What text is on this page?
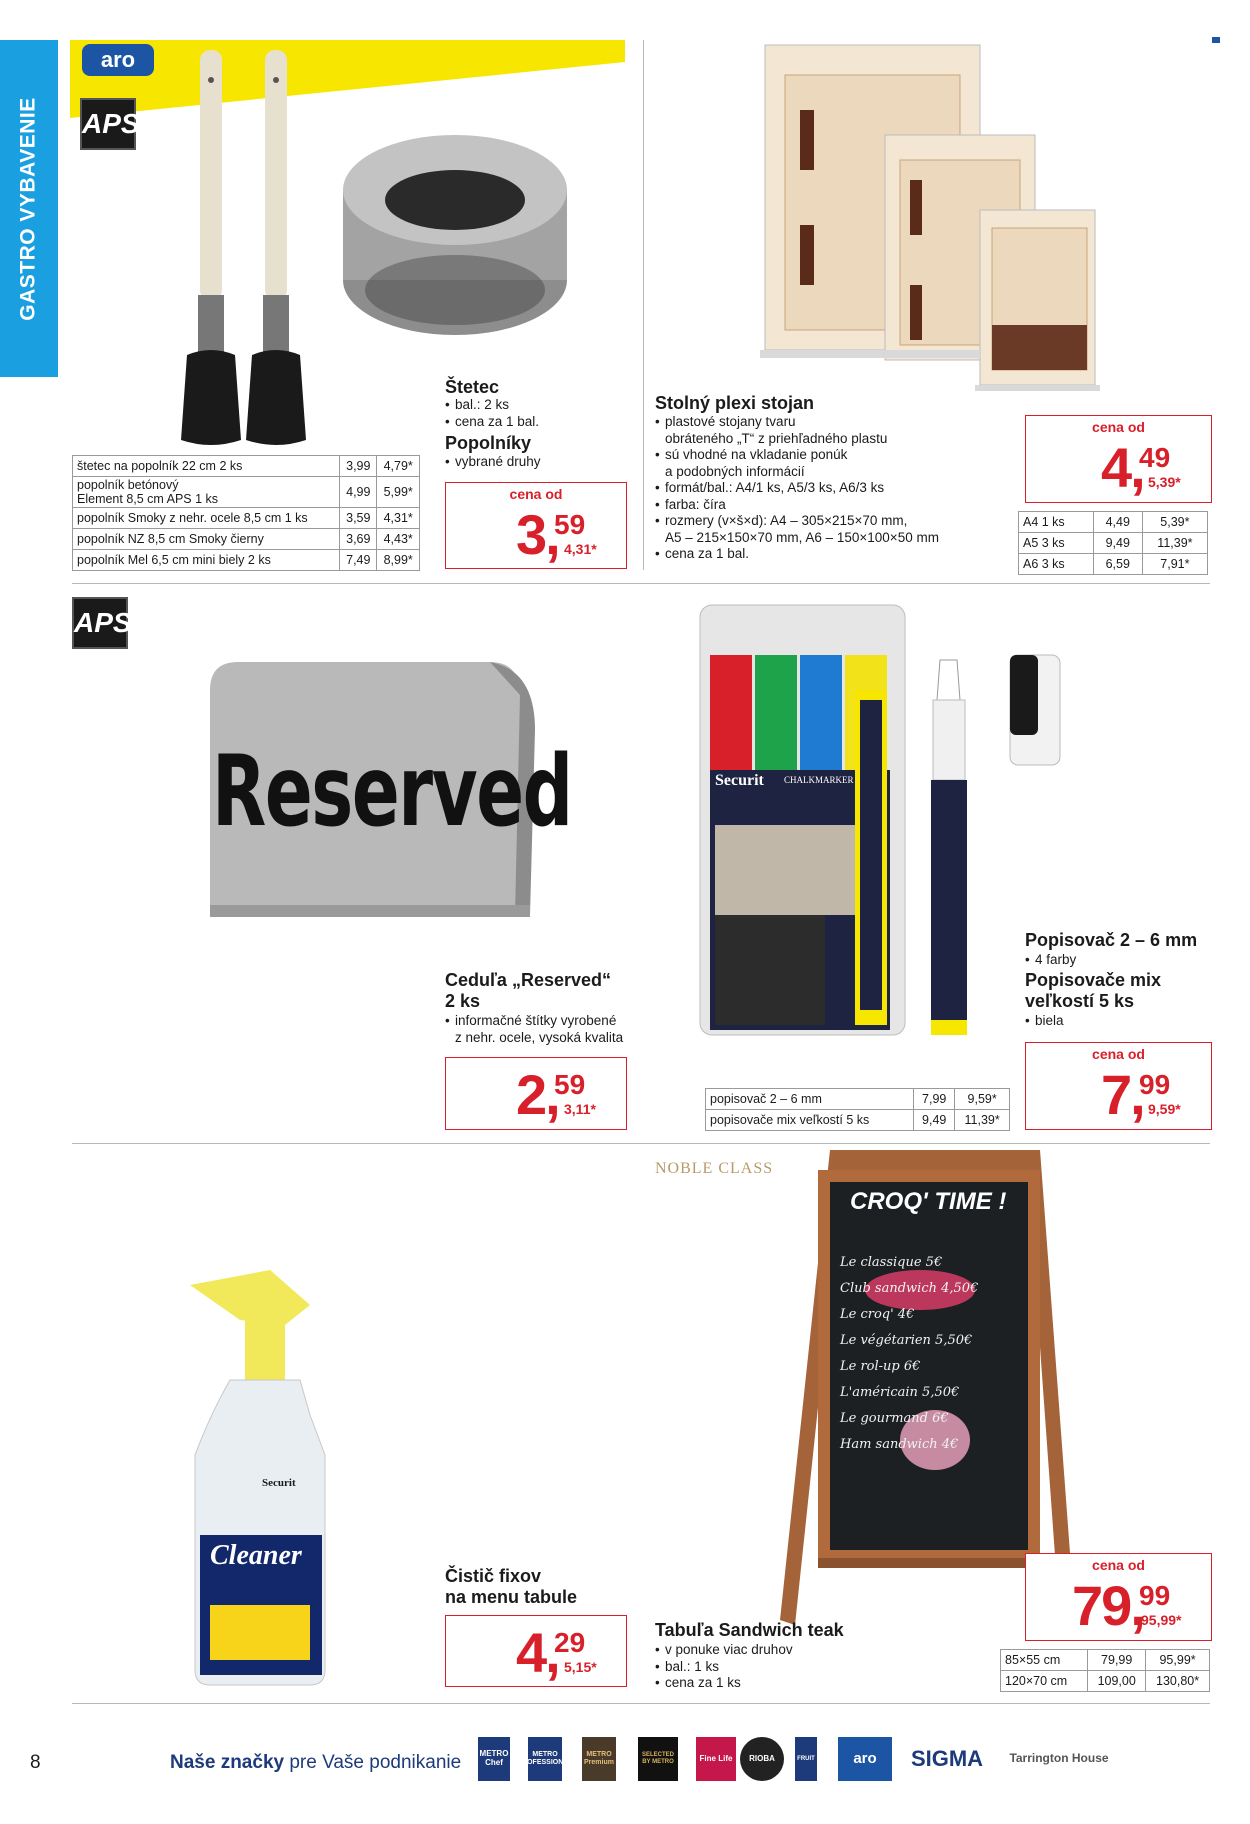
GASTRO VYBAVENIE
aro
APS
Štetec
• bal.: 2 ks
• cena za 1 bal.
Popolníky
• vybrané druhy
cena od
3,
59
4,31*
štetec na popolník 22 cm 2 ks	3,99	4,79*
popolník betónový
Element 8,5 cm APS 1 ks	4,99	5,99*
popolník Smoky z nehr. ocele 8,5 cm 1 ks	3,59	4,31*
popolník NZ 8,5 cm Smoky čierny	3,69	4,43*
popolník Mel 6,5 cm mini biely 2 ks	7,49	8,99*
Stolný plexi stojan
• plastové stojany tvaru
obráteného „T“ z priehľadného plastu
• sú vhodné na vkladanie ponúk
a podobných informácií
• formát/bal.: A4/1 ks, A5/3 ks, A6/3 ks
• farba: číra
• rozmery (v×š×d): A4 – 305×215×70 mm,
A5 – 215×150×70 mm, A6 – 150×100×50 mm
• cena za 1 bal.
cena od
4,
49
5,39*
A4 1 ks	4,49	5,39*
A5 3 ks	9,49	11,39*
A6 3 ks	6,59	7,91*
APS
Reserved
Ceduľa „Reserved“
2 ks
• informačné štítky vyrobené
z nehr. ocele, vysoká kvalita
2,
59
3,11*
Securit CHALKMARKER
Popisovač 2 – 6 mm
• 4 farby
Popisovače mix
veľkostí 5 ks
• biela
cena od
7,
99
9,59*
popisovač 2 – 6 mm	7,99	9,59*
popisovače mix veľkostí 5 ks	9,49	11,39*
Securit
Cleaner
Čistič fixov
na menu tabule
4,
29
5,15*
NOBLE CLASS
CROQ' TIME !
Le classique 5€
Club sandwich 4,50€
Le croq' 4€
Le végétarien 5,50€
Le rol-up 6€
L'américain 5,50€
Le gourmand 6€
Ham sandwich 4€
Tabuľa Sandwich teak
• v ponuke viac druhov
• bal.: 1 ks
• cena za 1 ks
cena od
79,
99
95,99*
85×55 cm	79,99	95,99*
120×70 cm	109,00	130,80*
8	Naše značky pre Vaše podnikanie METRO Chef
METRO PROFESSIONAL
METRO Premium
SELECTED BY METRO	Fine Life	RIOBA	FRUIT	aro	SIGMA	Tarrington House
